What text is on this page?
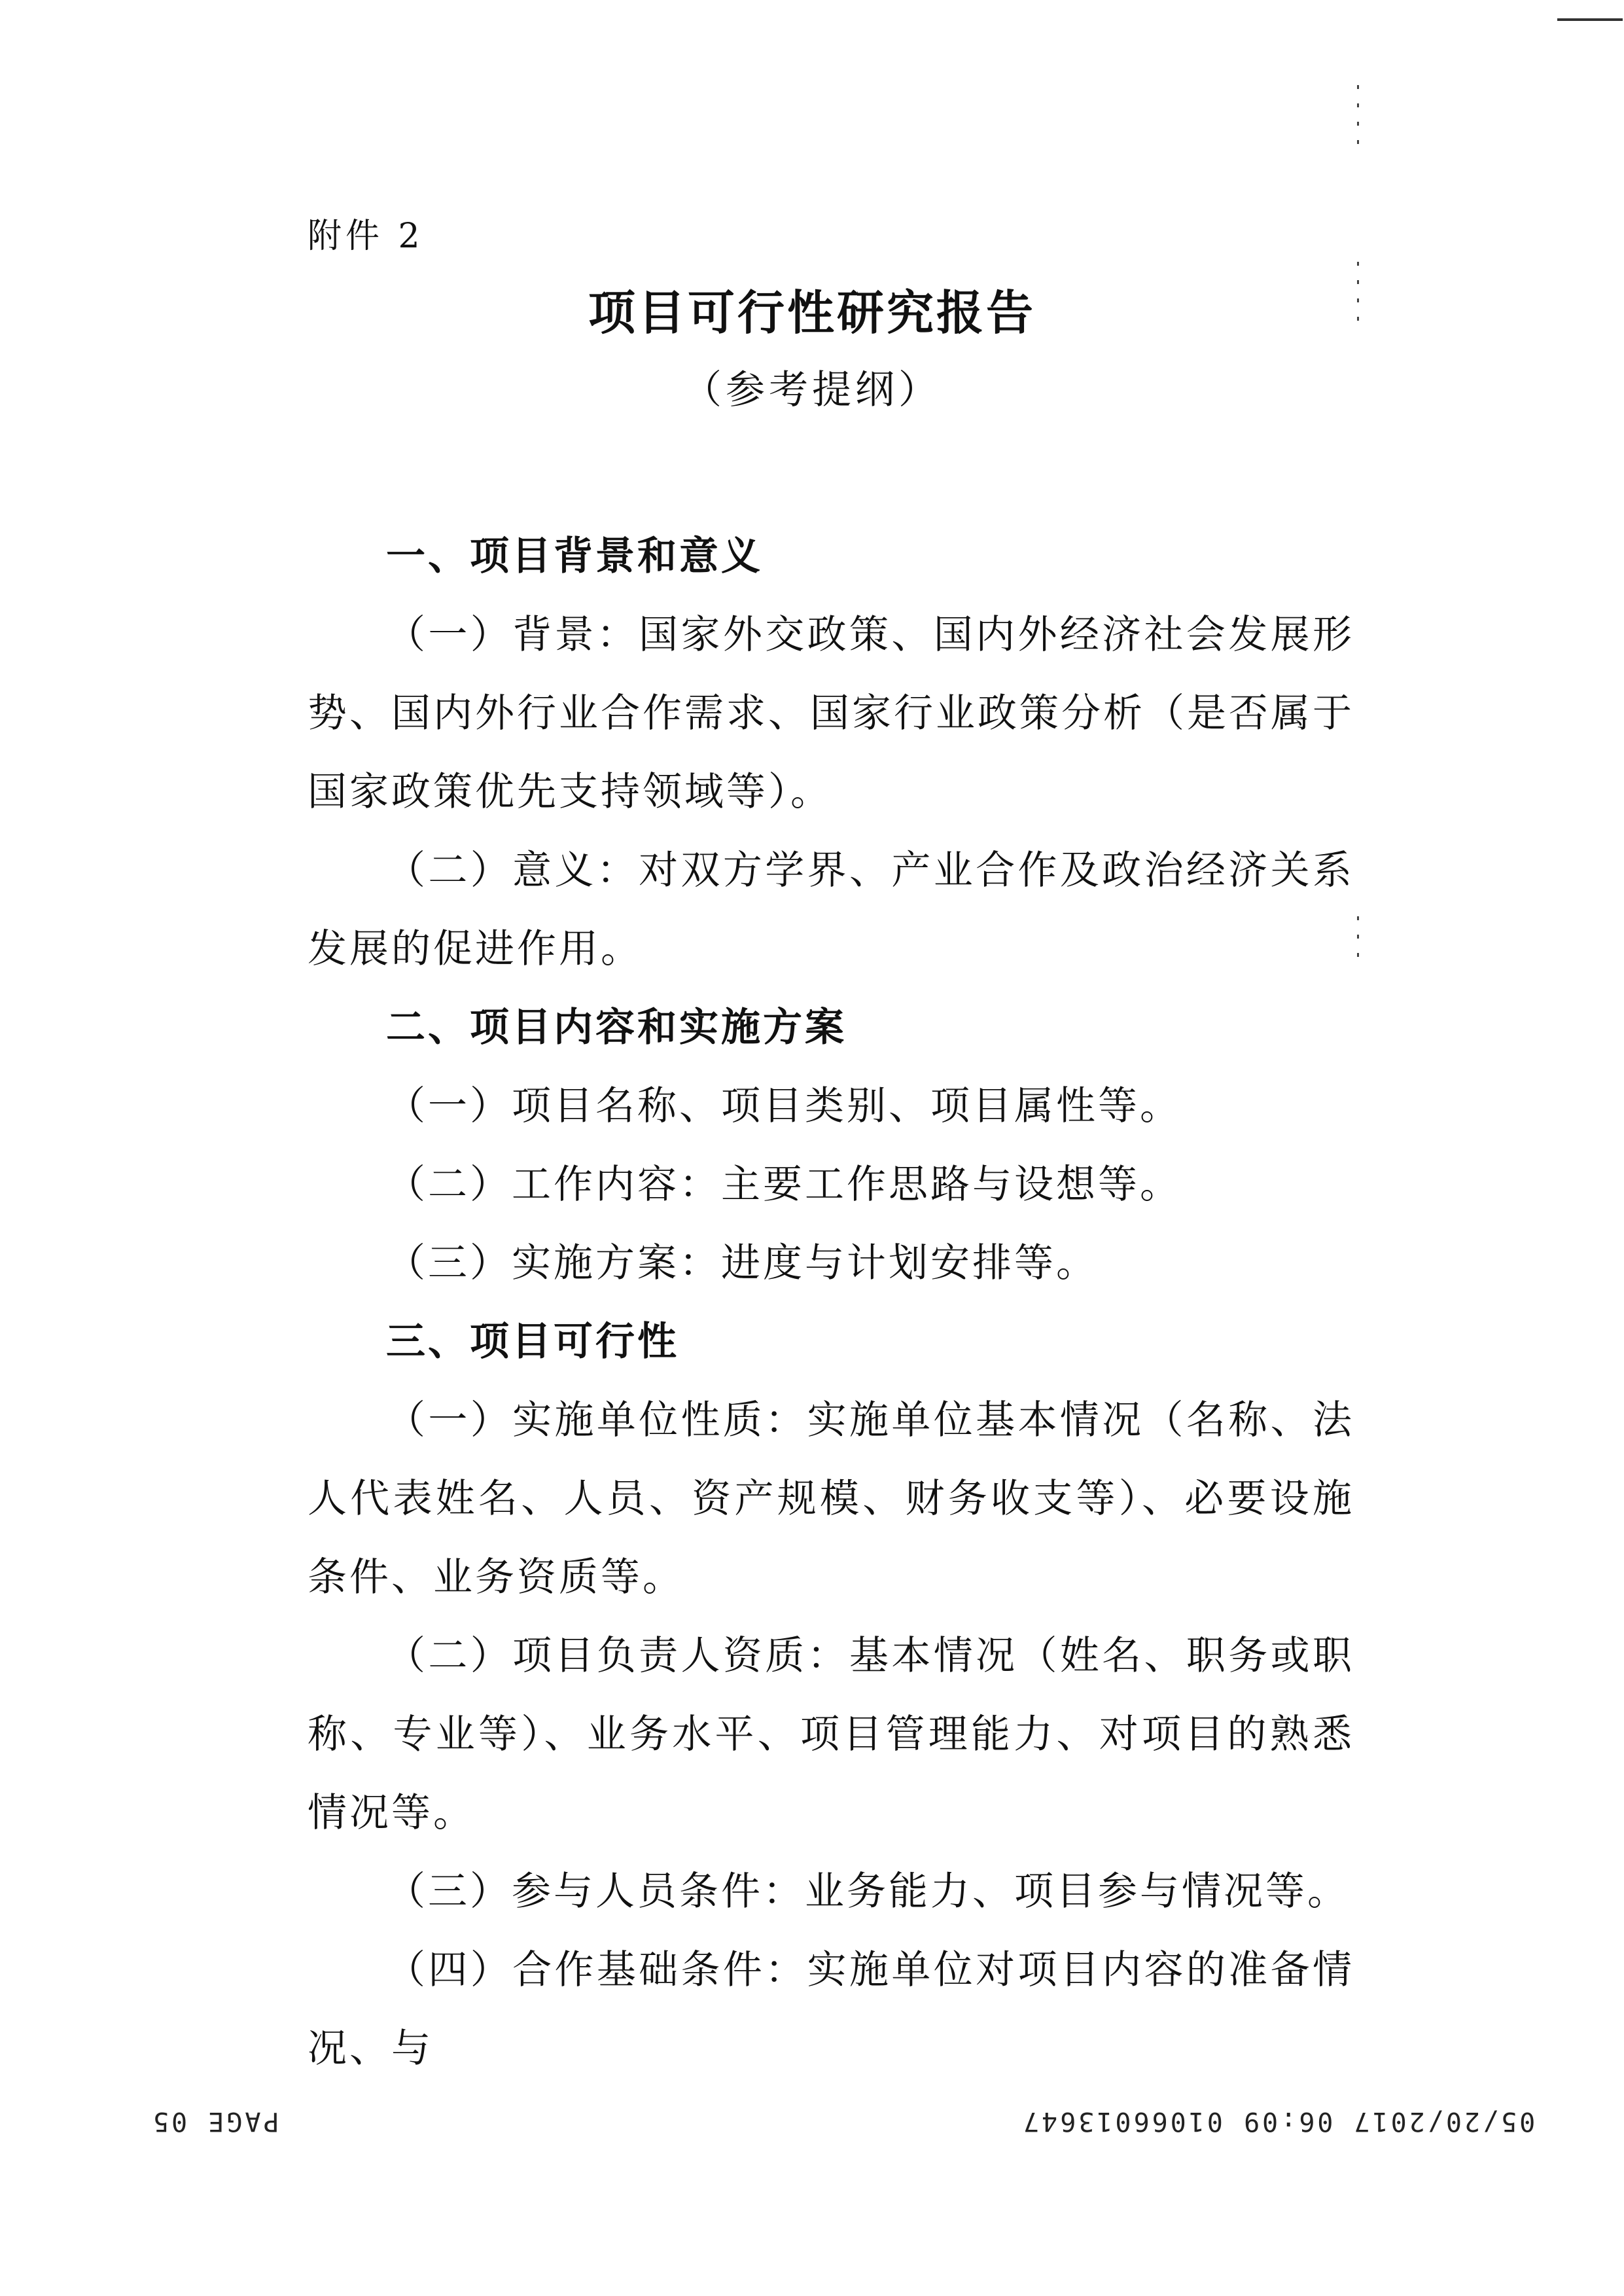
附件 2
项目可行性研究报告
（参考提纲）

一、项目背景和意义

（一）背景：国家外交政策、国内外经济社会发展形势、国内外行业合作需求、国家行业政策分析（是否属于国家政策优先支持领域等）。

（二）意义：对双方学界、产业合作及政治经济关系发展的促进作用。

二、项目内容和实施方案

（一）项目名称、项目类别、项目属性等。

（二）工作内容：主要工作思路与设想等。

（三）实施方案：进度与计划安排等。

三、项目可行性

（一）实施单位性质：实施单位基本情况（名称、法人代表姓名、人员、资产规模、财务收支等）、必要设施条件、业务资质等。

（二）项目负责人资质：基本情况（姓名、职务或职称、专业等）、业务水平、项目管理能力、对项目的熟悉情况等。

（三）参与人员条件：业务能力、项目参与情况等。

（四）合作基础条件：实施单位对项目内容的准备情况、与

PAGE 05	05/20/2017 06:09 01066013647
